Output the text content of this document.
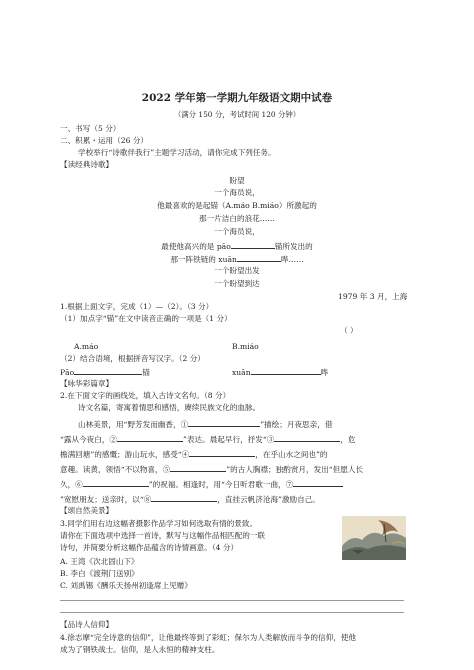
2022 学年第一学期九年级语文期中试卷
（满分 150 分，考试时间 120 分钟）
一、书写（5 分）
二、积累・运用（26 分）
学校举行“诗歌伴我行”主题学习活动，请你完成下列任务。
【读经典诗歌】
盼望
一个海员说，
他最喜欢的是起锚（A.máo B.miáo）所激起的
那一片洁白的浪花……
一个海员说，
最使他高兴的是 pāo	锚所发出的
那一阵铁链的 xuān	哗……
一个盼望出发
一个盼望到达
1979 年 3 月，上海
1.根据上面文字，完成（1）—（2）。（3 分）
（1）加点字“锚”在文中读音正确的一项是（1 分）
（ ）
A.máo	B.miáo
（2）结合语境，根据拼音写汉字。（2 分）
Pāo	锚	xuān	哗
【咏华彩篇章】
2.在下面文字的画线处，填入古诗文名句。（8 分）
诗文名篇，寄寓着情思和感悟，赓续民族文化的血脉。
山林美景，用“野芳发而幽香，①	”描绘；月夜思亲，借
“露从今夜白，②	”表达。晨起早行，抒发“③	，危
檐满回塘”的感慨；游山玩水，感受“④	，在乎山水之间也”的
意趣。读黄，领悟“不以物喜，⑤	”的古人胸襟；独酌赏月，发出“但愿人长
久，⑥	”的祝福。相逢时，用“今日听君歌一曲，⑦
”宽慰朋友；送亲时，以“⑧	，直挂云帆济沧海”激励自己。
【颂自然美景】
3.同学们用右边这幅者摄影作品学习如何选取有情的景致。
请你在下面选项中选择一首诗，默写与这幅作品相匹配的一联
诗句，并简要分析这幅作品蕴含的诗情画意。（4 分）
A. 王湾《次北固山下》
B. 李白《渡荆门送别》
C. 刘禹锡《酬乐天扬州初逢席上见赠》
【品诗人信仰】
4.徐志摩“完全诗意的信仰”，让他最终等到了彩虹；保尔为人类解放而斗争的信仰，使他
成为了钢铁战士。信仰，是人永恒的精神支柱。
